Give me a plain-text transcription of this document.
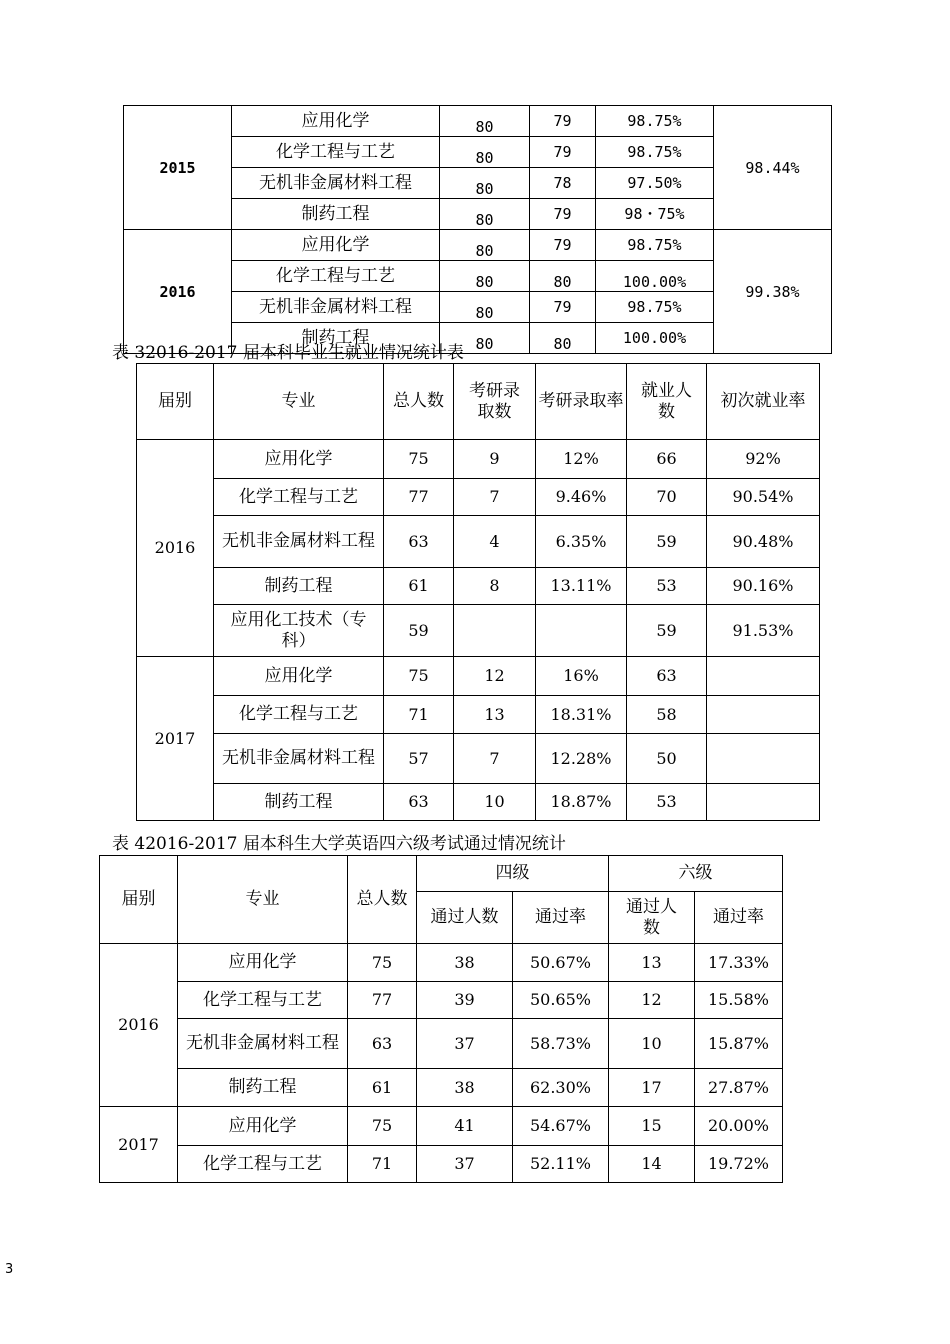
2015	应用化学	80	79	98.75%	98.44%
	化学工程与工艺	80	79	98.75%	
	无机非金属材料工程	80	78	97.50%	
	制药工程	80	79	98・75%	
2016	应用化学	80	79	98.75%	99.38%
	化学工程与工艺	80	80	100.00%	
	无机非金属材料工程	80	79	98.75%	
	制药工程	80	80	100.00%	
表 32016-2017 届本科毕业生就业情况统计表
届别	专业	总人数	考研录取数	考研录取率	就业人数	初次就业率
2016	应用化学	75	9	12%	66	92%
	化学工程与工艺	77	7	9.46%	70	90.54%
	无机非金属材料工程	63	4	6.35%	59	90.48%
	制药工程	61	8	13.11%	53	90.16%
	应用化工技术（专科）	59			59	91.53%
2017	应用化学	75	12	16%	63	
	化学工程与工艺	71	13	18.31%	58	
	无机非金属材料工程	57	7	12.28%	50	
	制药工程	63	10	18.87%	53	
表 42016-2017 届本科生大学英语四六级考试通过情况统计
届别	专业	总人数	四级		六级	
			通过人数	通过率	通过人数	通过率
2016	应用化学	75	38	50.67%	13	17.33%
	化学工程与工艺	77	39	50.65%	12	15.58%
	无机非金属材料工程	63	37	58.73%	10	15.87%
	制药工程	61	38	62.30%	17	27.87%
2017	应用化学	75	41	54.67%	15	20.00%
	化学工程与工艺	71	37	52.11%	14	19.72%
3
